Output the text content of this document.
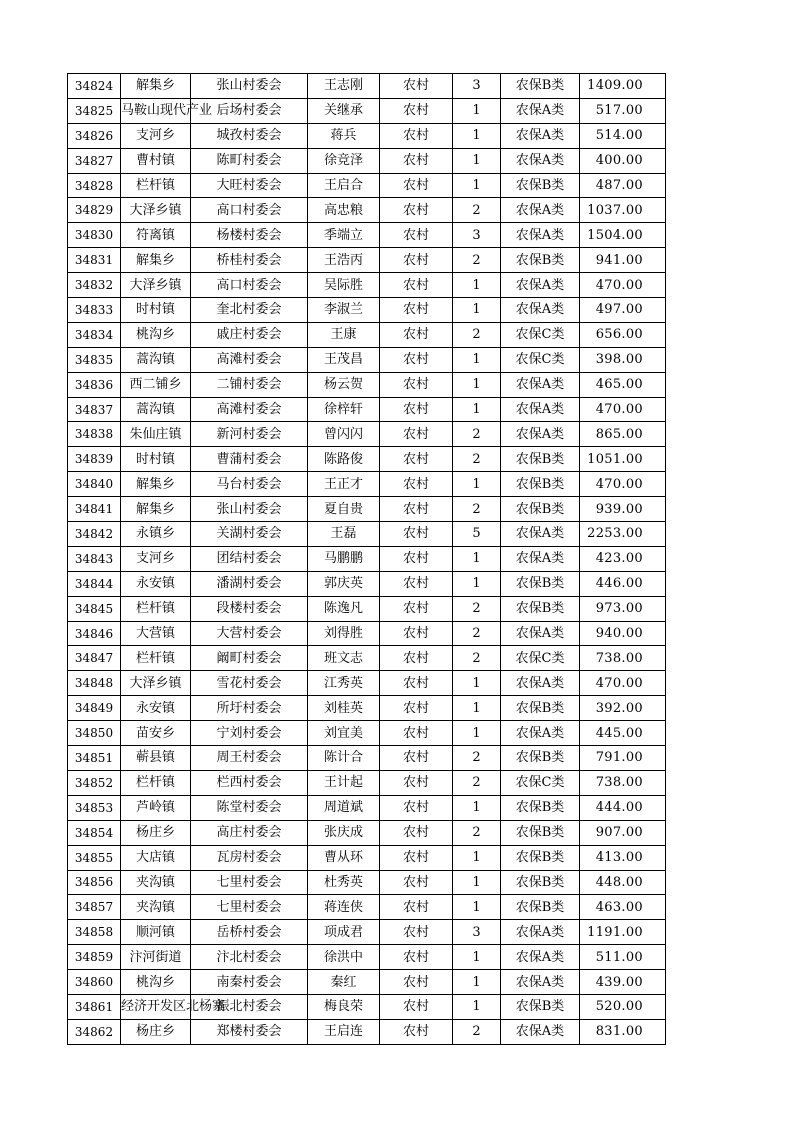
34824	解集乡	张山村委会	王志刚	农村	3	农保B类	1409.00
34825	马鞍山现代产业	后场村委会	关继承	农村	1	农保A类	517.00
34826	支河乡	城孜村委会	蒋兵	农村	1	农保A类	514.00
34827	曹村镇	陈町村委会	徐竞泽	农村	1	农保A类	400.00
34828	栏杆镇	大旺村委会	王启合	农村	1	农保B类	487.00
34829	大泽乡镇	高口村委会	高忠粮	农村	2	农保A类	1037.00
34830	符离镇	杨楼村委会	季端立	农村	3	农保A类	1504.00
34831	解集乡	桥桂村委会	王浩丙	农村	2	农保B类	941.00
34832	大泽乡镇	高口村委会	吴际胜	农村	1	农保A类	470.00
34833	时村镇	奎北村委会	李淑兰	农村	1	农保A类	497.00
34834	桃沟乡	戚庄村委会	王康	农村	2	农保C类	656.00
34835	蒿沟镇	高滩村委会	王茂昌	农村	1	农保C类	398.00
34836	西二铺乡	二铺村委会	杨云贺	农村	1	农保A类	465.00
34837	蒿沟镇	高滩村委会	徐梓轩	农村	1	农保A类	470.00
34838	朱仙庄镇	新河村委会	曾闪闪	农村	2	农保A类	865.00
34839	时村镇	曹蒲村委会	陈路俊	农村	2	农保B类	1051.00
34840	解集乡	马台村委会	王正才	农村	1	农保B类	470.00
34841	解集乡	张山村委会	夏自贵	农村	2	农保B类	939.00
34842	永镇乡	关湖村委会	王磊	农村	5	农保A类	2253.00
34843	支河乡	团结村委会	马鹏鹏	农村	1	农保A类	423.00
34844	永安镇	潘湖村委会	郭庆英	农村	1	农保B类	446.00
34845	栏杆镇	段楼村委会	陈逸凡	农村	2	农保B类	973.00
34846	大营镇	大营村委会	刘得胜	农村	2	农保A类	940.00
34847	栏杆镇	阚町村委会	班文志	农村	2	农保C类	738.00
34848	大泽乡镇	雪花村委会	江秀英	农村	1	农保A类	470.00
34849	永安镇	所圩村委会	刘桂英	农村	1	农保B类	392.00
34850	苗安乡	宁刘村委会	刘宜美	农村	1	农保A类	445.00
34851	蕲县镇	周王村委会	陈计合	农村	2	农保B类	791.00
34852	栏杆镇	栏西村委会	王计起	农村	2	农保C类	738.00
34853	芦岭镇	陈堂村委会	周道斌	农村	1	农保B类	444.00
34854	杨庄乡	高庄村委会	张庆成	农村	2	农保B类	907.00
34855	大店镇	瓦房村委会	曹从环	农村	1	农保B类	413.00
34856	夹沟镇	七里村委会	杜秀英	农村	1	农保B类	448.00
34857	夹沟镇	七里村委会	蒋连侠	农村	1	农保B类	463.00
34858	顺河镇	岳桥村委会	项成君	农村	3	农保A类	1191.00
34859	汴河街道	汴北村委会	徐洪中	农村	1	农保A类	511.00
34860	桃沟乡	南秦村委会	秦红	农村	1	农保A类	439.00
34861	经济开发区北杨寨	振北村委会	梅良荣	农村	1	农保B类	520.00
34862	杨庄乡	郑楼村委会	王启连	农村	2	农保A类	831.00
